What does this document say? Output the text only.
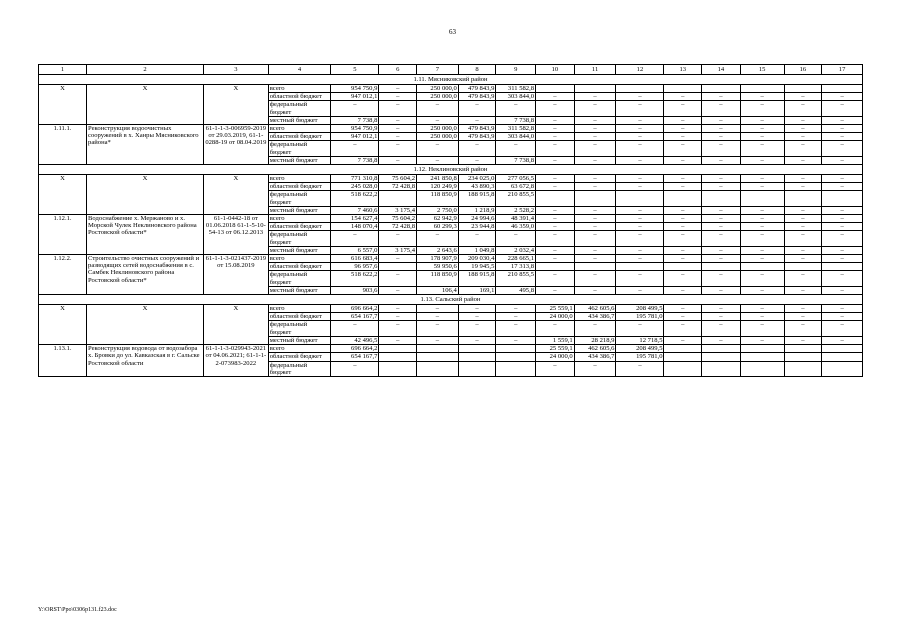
63
1	2	3	4	5	6	7	8	9	10	11	12	13	14	15	16	17
1.11. Мясниковский район																
Х	Х	Х	всего	954 750,9	–	250 000,0	479 843,9	311 582,8								
			областной бюджет	947 012,1	–	250 000,0	479 843,9	303 844,0	–	–	–	–	–	–	–	–
			федеральный бюджет	–	–	–	–	–	–	–	–	–	–	–	–	–
			местный бюджет	7 738,8	–	–	–	7 738,8	–	–	–	–	–	–	–	–
1.11.1.	Реконструкция водоочистных сооружений в х. Ханры Мясниковского района*	61-1-1-3-006959-2019 от 29.03.2019, 61-1-0288-19 от 08.04.2019	всего	954 750,9	–	250 000,0	479 843,9	311 582,8	–	–	–	–	–	–	–	–
			областной бюджет	947 012,1	–	250 000,0	479 843,9	303 844,0	–	–	–	–	–	–	–	–
			федеральный бюджет	–	–	–	–	–	–	–	–	–	–	–	–	–
			местный бюджет	7 738,8	–	–	–	7 738,8	–	–	–	–	–	–	–	–
1.12. Неклиновский район																
Х	Х	Х	всего	771 310,8	75 604,2	241 850,8	234 025,0	277 056,5	–	–	–	–	–	–	–	–
			областной бюджет	245 028,0	72 428,8	120 249,9	43 890,3	63 672,8	–	–	–	–	–	–	–	–
			федеральный бюджет	518 622,2		118 850,9	188 915,8	210 855,5								
			местный бюджет	7 460,6	3 175,4	2 750,0	1 218,9	2 528,2	–	–	–	–	–	–	–	–
1.12.1.	Водоснабжение х. Мержаново и х. Морской Чулек Неклиновского района Ростовской области*	61-1-0442-18 от 01.06.2018 61-1-5-10-54-13 от 06.12.2013	всего	154 627,4	75 604,2	62 942,9	24 994,6	48 391,4	–	–	–	–	–	–	–	–
			областной бюджет	148 070,4	72 428,8	60 299,3	23 944,8	46 359,0	–	–	–	–	–	–	–	–
			федеральный бюджет	–	–	–	–	–	–	–	–	–	–	–	–	–
			местный бюджет	6 557,0	3 175,4	2 643,6	1 049,8	2 032,4	–	–	–	–	–	–	–	–
1.12.2.	Строительство очистных сооружений и разводящих сетей водоснабжения в с. Самбек Неклиновского района Ростовской области*	61-1-1-3-021437-2019 от 15.08.2019	всего	616 683,4	–	178 907,9	209 030,4	228 665,1	–	–	–	–	–	–	–	–
			областной бюджет	96 957,6		59 950,6	19 945,5	17 313,8								
			федеральный бюджет	518 622,2	–	118 850,9	188 915,8	210 855,5	–	–	–	–	–	–	–	–
			местный бюджет	903,6	–	106,4	169,1	495,8	–	–	–	–	–	–	–	–
1.13. Сальский район																
Х	Х	Х	всего	696 664,2	–	–	–	–	25 559,1	462 605,6	208 499,5	–	–	–	–	–
			областной бюджет	654 167,7	–	–	–	–	24 000,0	434 386,7	195 781,0	–	–	–	–	–
			федеральный бюджет	–	–	–	–	–	–	–	–	–	–	–	–	–
			местный бюджет	42 496,5	–	–	–	–	1 559,1	28 218,9	12 718,5	–	–	–	–	–
1.13.1.	Реконструкция водовода от водозабора х. Бровки до ул. Кавказская в г. Сальске Ростовской области	61-1-1-3-029943-2021 от 04.06.2021; 61-1-1-2-073983-2022	всего	696 664,2					25 559,1	462 605,6	208 499,5					
			областной бюджет	654 167,7					24 000,0	434 386,7	195 781,0					
			федеральный бюджет	–					–	–	–					
Y:\ORST\Ppo\0306p131.f23.doc
